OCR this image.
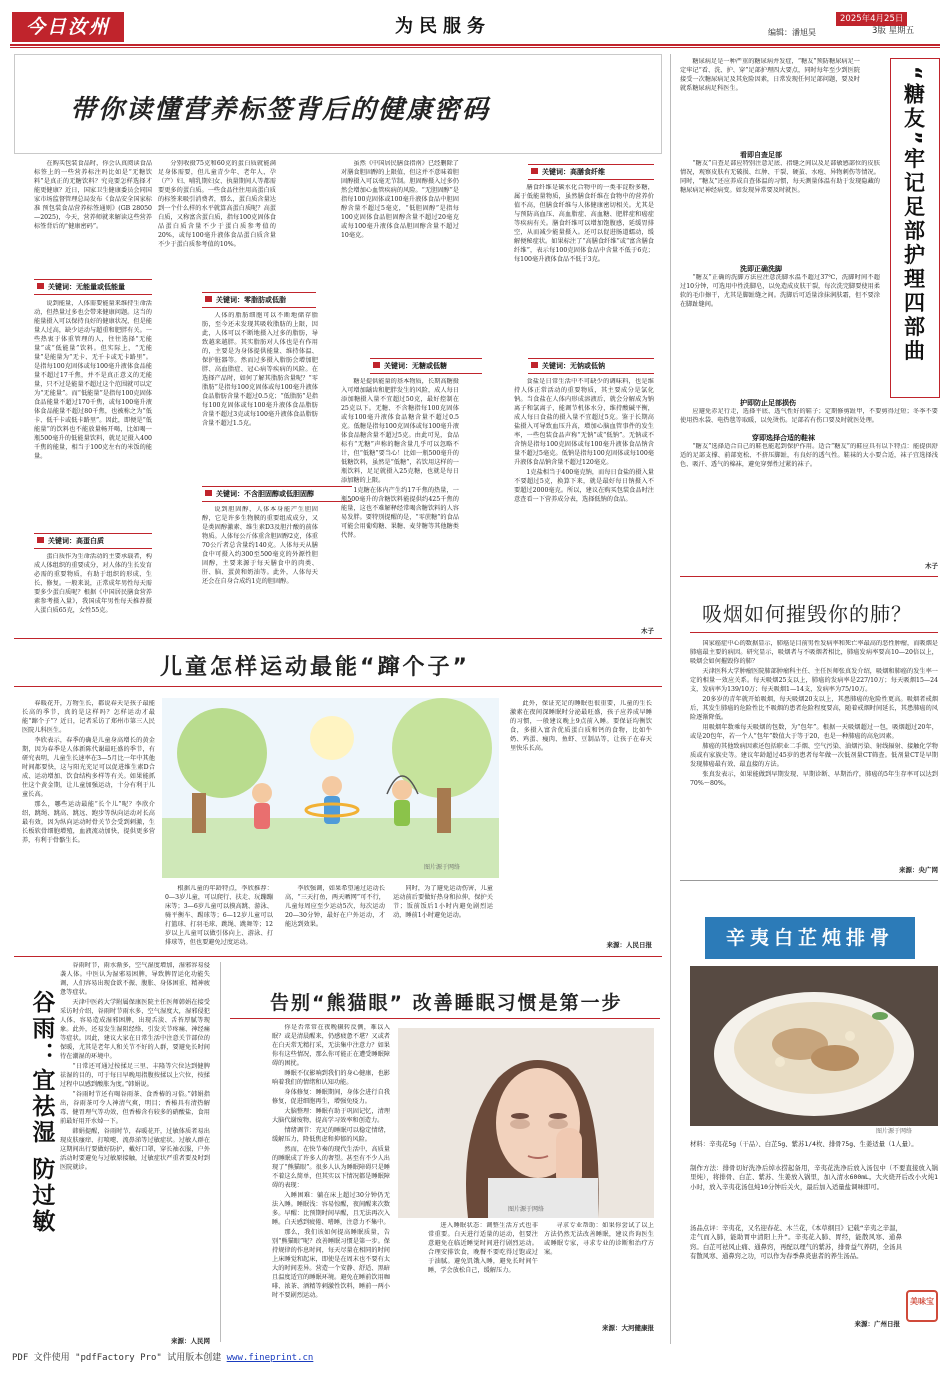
今日汝州	为民服务	2025年4月25日
编辑：潘旭昊	3版 星期五
带你读懂营养标签背后的健康密码

在购买包装食品时，你会认真阅读食品标签上的一些营养标注吗比如是“无糖饮料”是真正的无糖饮料？究竟要怎样选择才能更健康？近日，国家卫生健康委员会同国家市场监督管理总局发布《食品安全国家标准 预包装食品营养标签通则》(GB 28050—2025)，今天，营养师就来解读这些营养标签背后的“健康密码”。

关键词：无能量或低能量

说到能量，人体需要能量来维持生命活动，但热量过多也会带来健康问题。这当的能量摄入可以保持良好的健康状况，但是能量人过高，缺少运动与超重和肥胖有关。一些热衷于体重管理的人，往往选择“无能量”或“低能量”饮料。但实际上，“无能量”是能量为“无卡、无千卡或无卡路里”。是指每100克固体或每100毫升液体食品能量不超过17千焦，并不是真正意义的无能量，只不过是能量不超过这个范围就可以定为“无能量”。而“低能量”是指每100克固体食品能量不超过170千焦，或每100毫升液体食品能量不超过80千焦，也被称之为“低卡、低千卡或低卡路里”。因此，即便是“低能量”的饮料也不能放量畅开喝，比如喝一瓶500毫升的低能量饮料，就足足摄入400千焦的能量，相当于100克左右的米饭的能量。

关键词：高蛋白质

蛋白质作为生命活动的主要承载者，构成人体组织的重要成分，对人体的生长发育必需的重要物质，有助于组织的形成、生长、修复。一般来说，正常成年男性每天需要多少蛋白质呢？根据《中国居民膳食营养素参考摄入量》，我国成年男性每天推荐摄入蛋白质65克，女性55克。

分别收摄75克和60克的蛋白质就能满足身体需要，但儿童青少年、老年人、孕（产）妇、哺乳期妇女、执量期间人等都需要更多的蛋白质。一些食品往往用高蛋白质的标签来吸引消费者，那么，蛋白质含量达到一个什么样的水平就算高蛋白质呢？高蛋白质，又称富含蛋白质，指每100克固体食品蛋白质含量不少于蛋白质参考值的20%，或每100毫升液体食品蛋白质含量不少于蛋白质参考值的10%。

关键词：零脂肪或低脂

人体的脂肪细胞可以不断地储存脂肪，至今还未发现其吸收脂肪的上限，因此，人体可以不断地摄入过多的脂肪，导致越来越胖。其实脂肪对人体也是有作用的，主要是为身体提供能量、维持体温、保护脏器等。然而过多摄入脂肪会增加肥胖、高血脂症、冠心病等疾病的风险。在选择产品时，如何了解其脂肪含量呢？“零脂肪”是指每100克固体或每100毫升液体食品脂肪含量不超过0.5克；“低脂肪”是指每100克固体或每100毫升液体食品脂肪含量不超过3克或每100毫升液体食品脂肪含量不超过1.5克。

关键词：不含胆固醇或低胆固醇

说到胆固醇，人体本身能产生胆固醇，它是许多生物膜的重要组成成分，又是类固醇激素、维生素D3及胆汁酸的前体物质。人体每公斤体重含胆固醇2克，体重70公斤者总含量约140克。人体每天从膳食中可摄入约300至500毫克的外源性胆固醇，主要来源于每天膳食中的肉类、肝、脑、蛋黄和奶油等。此外，人体每天还会在自身合成约1克的胆固醇。

虽然《中国居民膳食指南》已经删除了对膳食胆固醇的上限值，但这并不意味着胆固醇摄入可以毫无节制。胆固醇摄入过多仍然会增加心血管疾病的风险。“无胆固醇”是指每100克固体或100毫升液体食品中胆固醇含量不超过5毫克，“低胆固醇”是指每100克固体食品胆固醇含量不超过20毫克或每100毫升液体食品胆固醇含量不超过10毫克。

关键词：无糖或低糖

糖是提供能量的基本物质，长期高糖摄入可增加龋齿和肥胖发生的风险，成人每日添加糖摄入量不宜超过50克，最好控制在25克以下。无糖、不含糖指每100克固体或每100毫升液体食品糖含量不超过0.5克。低糖是指每100克固体或每100毫升液体食品糖含量不超过5克。由此可见，食品标有“无糖”声称的糖含量几乎可以忽略不计，但“低糖”要当心！比如一瓶500毫升的低糖饮料，虽然是“低糖”，若饮用这样的一瓶饮料，足足就摄入25克糖，也就是每日添加糖的上限。

1克糖在体内产生约17千焦的热量，一瓶500毫升的含糖饮料能提供约425千焦的能量，这也不难解释经常喝含糖饮料的人容易发胖。要特别提醒的是，“零蔗糖”的食品可能会用葡萄糖、果糖、麦芽糖等其他糖类代替。

关键词：高膳食纤维

膳食纤维是碳水化合物中的一类非淀粉多糖，属于低能量物质，虽然膳食纤维在食物中的营养价值不高，但膳食纤维与人体健康密切相关。尤其是与预防高血压、高血脂症、高血糖、肥胖症和癌症等疾病有关。膳食纤维可以增加饱腹感，延缓胃排空，从而减少能量摄入。还可以促进肠道蠕动，缓解便秘症状。如果标注了“高膳食纤维”或“富含膳食纤维”，表示每100克固体食品中含量不低于6克；每100毫升液体食品不低于3克。

关键词：无钠或低钠

食盐是日常生活中不可缺少的调味料，也是维持人体正常活动的重要物质，其主要成分是氯化钠。当食盐在人体内形成溶液后，就会分解成为钠离子和氯离子，能调节机体水分，维持酸碱平衡，成人每日食盐的摄入量不宜超过5克。鉴于长期高盐摄入可导致血压升高，增加心脑血管事件的发生率，一些包装食品声称“无钠”或“低钠”。无钠或不含钠是指每100克固体或每100毫升液体食品钠含量不超过5毫克。低钠是指每100克固体或每100毫升液体食品钠含量不超过120毫克。

1克盐相当于400毫克钠，而每日食盐的摄入量不要超过5克，换算下来，就是最好每日钠摄入不要超过2000毫克。所以，建议在购买包装食品时注意查看一下营养成分表，选择低钠的食品。

木子
儿童怎样运动最能“蹿个子”

春暖花开，万物生长，都说春天是孩子最能长高的季节，真的是这样吗？怎样运动才最能“蹿个子”？近日，记者采访了郑州市第三人民医院儿科医生。

李欣表示，春季的确是儿童身高增长的黄金期，因为春季是人体新陈代谢最旺盛的季节，有研究表明，儿童生长速率在3—5月比一年中其他时间都要快，这与阳光充足可以促进维生素D合成、运动增加、饮食结构多样等有关。如果能抓住这个黄金期，让儿童加强运动，十分有利于儿童长高。

那么，哪些运动最能“长个儿”呢？李欣介绍，跳绳、跳高、跳远、跑步等纵向运动对长高最有效，因为纵向运动时骨关节会受到刺激，生长板软骨细胞增殖，血液流动加快，提供更多营养，有利于骨骼生长。

图片源于网络

根据儿童的年龄特点，李欣推荐：0—3岁儿童，可以爬行、扶走、玩蹦蹦床等；3—6岁儿童可以摸高跳、游泳、骑平衡车、踢球等；6—12岁儿童可以打篮球、打羽毛球、跳绳、跳舞等；12岁以上儿童可以做引体向上、游泳、打排球等，但也要避免过度运动。

李欣强调，如果希望通过运动长高，“三天打鱼，两天晒网”可不行，儿童每周应至少运动5次，每次运动20—30分钟，最好在户外运动，才能达到效果。

同时，为了避免运动伤害，儿童运动前后要做好热身和拉伸，保护关节；饭前饭后1小时内避免剧烈运动，睡前1小时避免运动。

此外，保证充足的睡眠也很重要，儿童的生长激素在夜间深睡眠时分泌最旺盛，孩子应养成早睡的习惯，一般建议晚上9点前入睡。要保证均衡饮食，多摄入富含优质蛋白质和钙的食物，比如牛奶、鸡蛋、瘦肉、鱼虾、豆制品等，让孩子在春天里快乐长高。

来源：人民日报
谷雨：宜祛湿 防过敏

谷雨时节，雨水渐多，空气湿度增加，湿邪容易侵袭人体。中医认为湿邪易困脾，导致脾胃运化功能失调，人们容易出现食欲不振、腹胀、身体困重、精神疲惫等症状。

天津中医药大学附属保康医院主任医师韩娟在接受采访时介绍，谷雨时节雨水多，空气湿度大，湿邪侵犯人体，容易造成湿邪困脾，出现舌淡、舌苔厚腻等现象。此外，还易发生湿阻经络、引发关节疼痛、神经痛等症状。因此，建议大家在日常生活中注意关节部位的保暖，尤其是老年人和关节不好的人群，要避免长时间待在潮湿的环境中。

“日常还可通过按揉足三里、丰隆等穴位达到健脾祛湿的目的，可于每日早晚用指腹按揉以上穴位，按揉过程中以感到酸胀为度。”韩娟说。

“谷雨时节还有喝谷雨茶、食香椿的习俗。”韩娟指出，谷雨茶可令人神清气爽，明目；香椿具有清热解毒、健胃理气等功效，但香椿含有较多的硝酸盐，食用前最好用开水焯一下。

韩娟提醒，谷雨时节，春暖花开，过敏体质者易出现皮肤瘙痒、打喷嚏、流鼻涕等过敏症状。过敏人群在这期间出行要做好防护，戴好口罩，穿长袖衣服，户外活动时要避免与过敏原接触，过敏症状严重者要及时到医院就诊。

来源：人民网
告别“熊猫眼” 改善睡眠习惯是第一步

你是否常常在夜晚辗转反侧，难以入眠？或是清晨醒来，仍感疲惫不堪？又或者在白天常无精打采，无法集中注意力？如果你有这些情况，那么你可能正在遭受睡眠障碍的困扰。

睡眠不仅影响到我们的身心健康，也影响着我们的情绪和认知功能。

身体修复：睡眠期间，身体会进行自我修复，促进细胞再生，增强免疫力。

大脑整理：睡眠有助于巩固记忆，清理大脑代谢废物，提高学习效率和创造力。

情绪调节：充足的睡眠可以稳定情绪，缓解压力，降低焦虑和抑郁的风险。

然而，在快节奏的现代生活中，高质量的睡眠成了许多人的奢望。甚至有不少人出现了“熊猫眼”。很多人认为睡眠障碍只是睡不着这么简单，但其实以下情况都是睡眠障碍的表现：

入睡困难：躺在床上超过30分钟仍无法入睡。睡眠浅：容易惊醒，夜间醒来次数多。早醒：比预期时间早醒，且无法再次入睡。白天感到疲倦、嗜睡，注意力不集中。

那么，我们该如何提高睡眠质量，告别“熊猫眼”呢？改善睡眠习惯是第一步。保持规律的作息时间，每天尽量在相同的时间上床睡觉和起床，即使是在周末也不要有太大的时间差异。营造一个安静、舒适、黑暗且温度适宜的睡眠环境。避免在睡前饮用咖啡、浓茶、酒精等刺激性饮料，睡前一两小时不要剧烈运动。

图片源于网络

进入睡眠状态：调整生活方式也非常重要。白天进行适量的运动，但要注意避免在临近睡觉时间进行剧烈运动。合理安排饮食，晚餐不要吃得过饱或过于油腻。避免饥饿入睡，避免长时间午睡，学会放松自己，缓解压力。

寻求专业帮助：如果你尝试了以上方法仍然无法改善睡眠，建议咨询医生或睡眠专家，寻求专业的诊断和治疗方案。

来源：大河健康报

糖尿病足是一种严重的糖尿病并发症，“糖友”预防糖尿病足一定牢记“看、洗、护、穿”足部护理四大要点，同时每年至少到医院接受一次糖尿病足及其危险因素，日常发现任何足部问题，要及时就系糖尿病足科医生。	“糖友”牢记足部护理四部曲
看即自查足部

“糖友”自查足部应特别注意足底、指缝之间以及足部敏感部位的皮肤情况，观察皮肤有无破损、红肿、干裂、硬茧、水疱、异物刺伤等情况。同时，“糖友”还应养成自查体温的习惯，每天测量体温有助于发现隐藏的糖尿病足神经病变。如发现异常要及时就医。

洗即正确洗脚

“糖友”正确的洗脚方法应注意洗脚水温不超过37℃，洗脚时间不超过10分钟，可选用中性洗脚皂，以免造成皮肤干裂，每次洗完脚要使用柔软的毛巾擦干，尤其是脚趾缝之间。洗脚后可适量涂抹润肤霜，但不要涂在脚趾缝间。

护即防止足部损伤

应避免赤足行走，选择平底、透气性好的鞋子；定期修剪趾甲，不要剪得过短；冬季不要使用热水袋、电热毯等取暖，以免烫伤。足部若有伤口要及时就医处理。

穿即选择合适的鞋袜

“糖友”选择适合自己的鞋也能起到保护作用。适合“糖友”的鞋应具有以下特点：能提供舒适的足部支撑、前部宽松、不挤压脚趾，有良好的透气性。鞋袜的大小要合适，袜子宜选择浅色、吸汗、透气的棉袜，避免穿弹性过紧的袜子。

木子
吸烟如何摧毁你的肺？

国家癌症中心的数据显示，肺癌是目前男性发病率和死亡率最高的恶性肿瘤，而吸烟是肺癌最主要的病因。研究显示，吸烟者与不吸烟者相比，肺癌发病率要高10—20倍以上，吸烟会如何摧毁你的肺？

天津医科大学肿瘤医院肺部肿瘤科主任、主任医师张真发介绍，吸烟和肺癌的发生率一定的相量一效应关系。每天吸烟25支以上，肺癌的发病率是227/10万；每天吸烟15—24支，发病率为139/10万；每天吸烟1—14支，发病率为75/10万。

20多岁的青年就开始吸烟，每天吸烟20支以上，其患肺癌的危险性更高。吸烟者戒烟后，其发生肺癌的危险性比不吸烟的患者危险程度要高，随着戒烟时间延长，其患肺癌的风险逐渐降低。

用吸烟年数乘每天吸烟的包数，为“包年”。根据一天吸烟超过一包，吸烟超过20年，或是20包年，若一个人“包年”数值大于等于20，也是一种肺癌的高危因素。

肺癌的其他致病因素还包括职业二手烟、空气污染、油烟污染、射线辐射、接触化学物质或有家族史等。建议年龄超过45岁的患者每年做一次低剂量CT筛查。低剂量CT是早期发现肺癌最有效、最直接的方法。

张真发表示，如果能做到早期发现、早期诊断、早期治疗，肺癌的5年生存率可以达到70%～80%。

来源：央广网
辛夷白芷炖排骨
图片源于网络

材料：辛夷花5g（干品）、白芷5g、紫苏1/4枚、排骨75g、生姜适量（1人量）。

制作方法：排骨切好洗净后焯水捞起备用，辛夷花洗净后放入汤包中（不要直接放入锅里炖），将排骨、白芷、紫苏、生姜放入锅里，加入清水600mL。大火烧开后改小火炖1小时，放入辛夷花汤包炖10分钟后关火，最后加入适量盐调味即可。

汤品点评：辛夷花，又名迎春花、木兰花，《本草纲目》记载“辛夷之辛温，走气而入肺，能助胃中清阳上升”。辛夷花入肺、胃经，能散风寒、通鼻窍。白芷可祛风止痛、通鼻窍，再配以理气的紫苏，排骨益气养阴，全汤具有散风寒、通鼻窍之功，可以作为春季鼻炎患者的养生汤品。

美味宝
来源：广州日报
PDF 文件使用 "pdfFactory Pro" 试用版本创建 www.fineprint.cn
